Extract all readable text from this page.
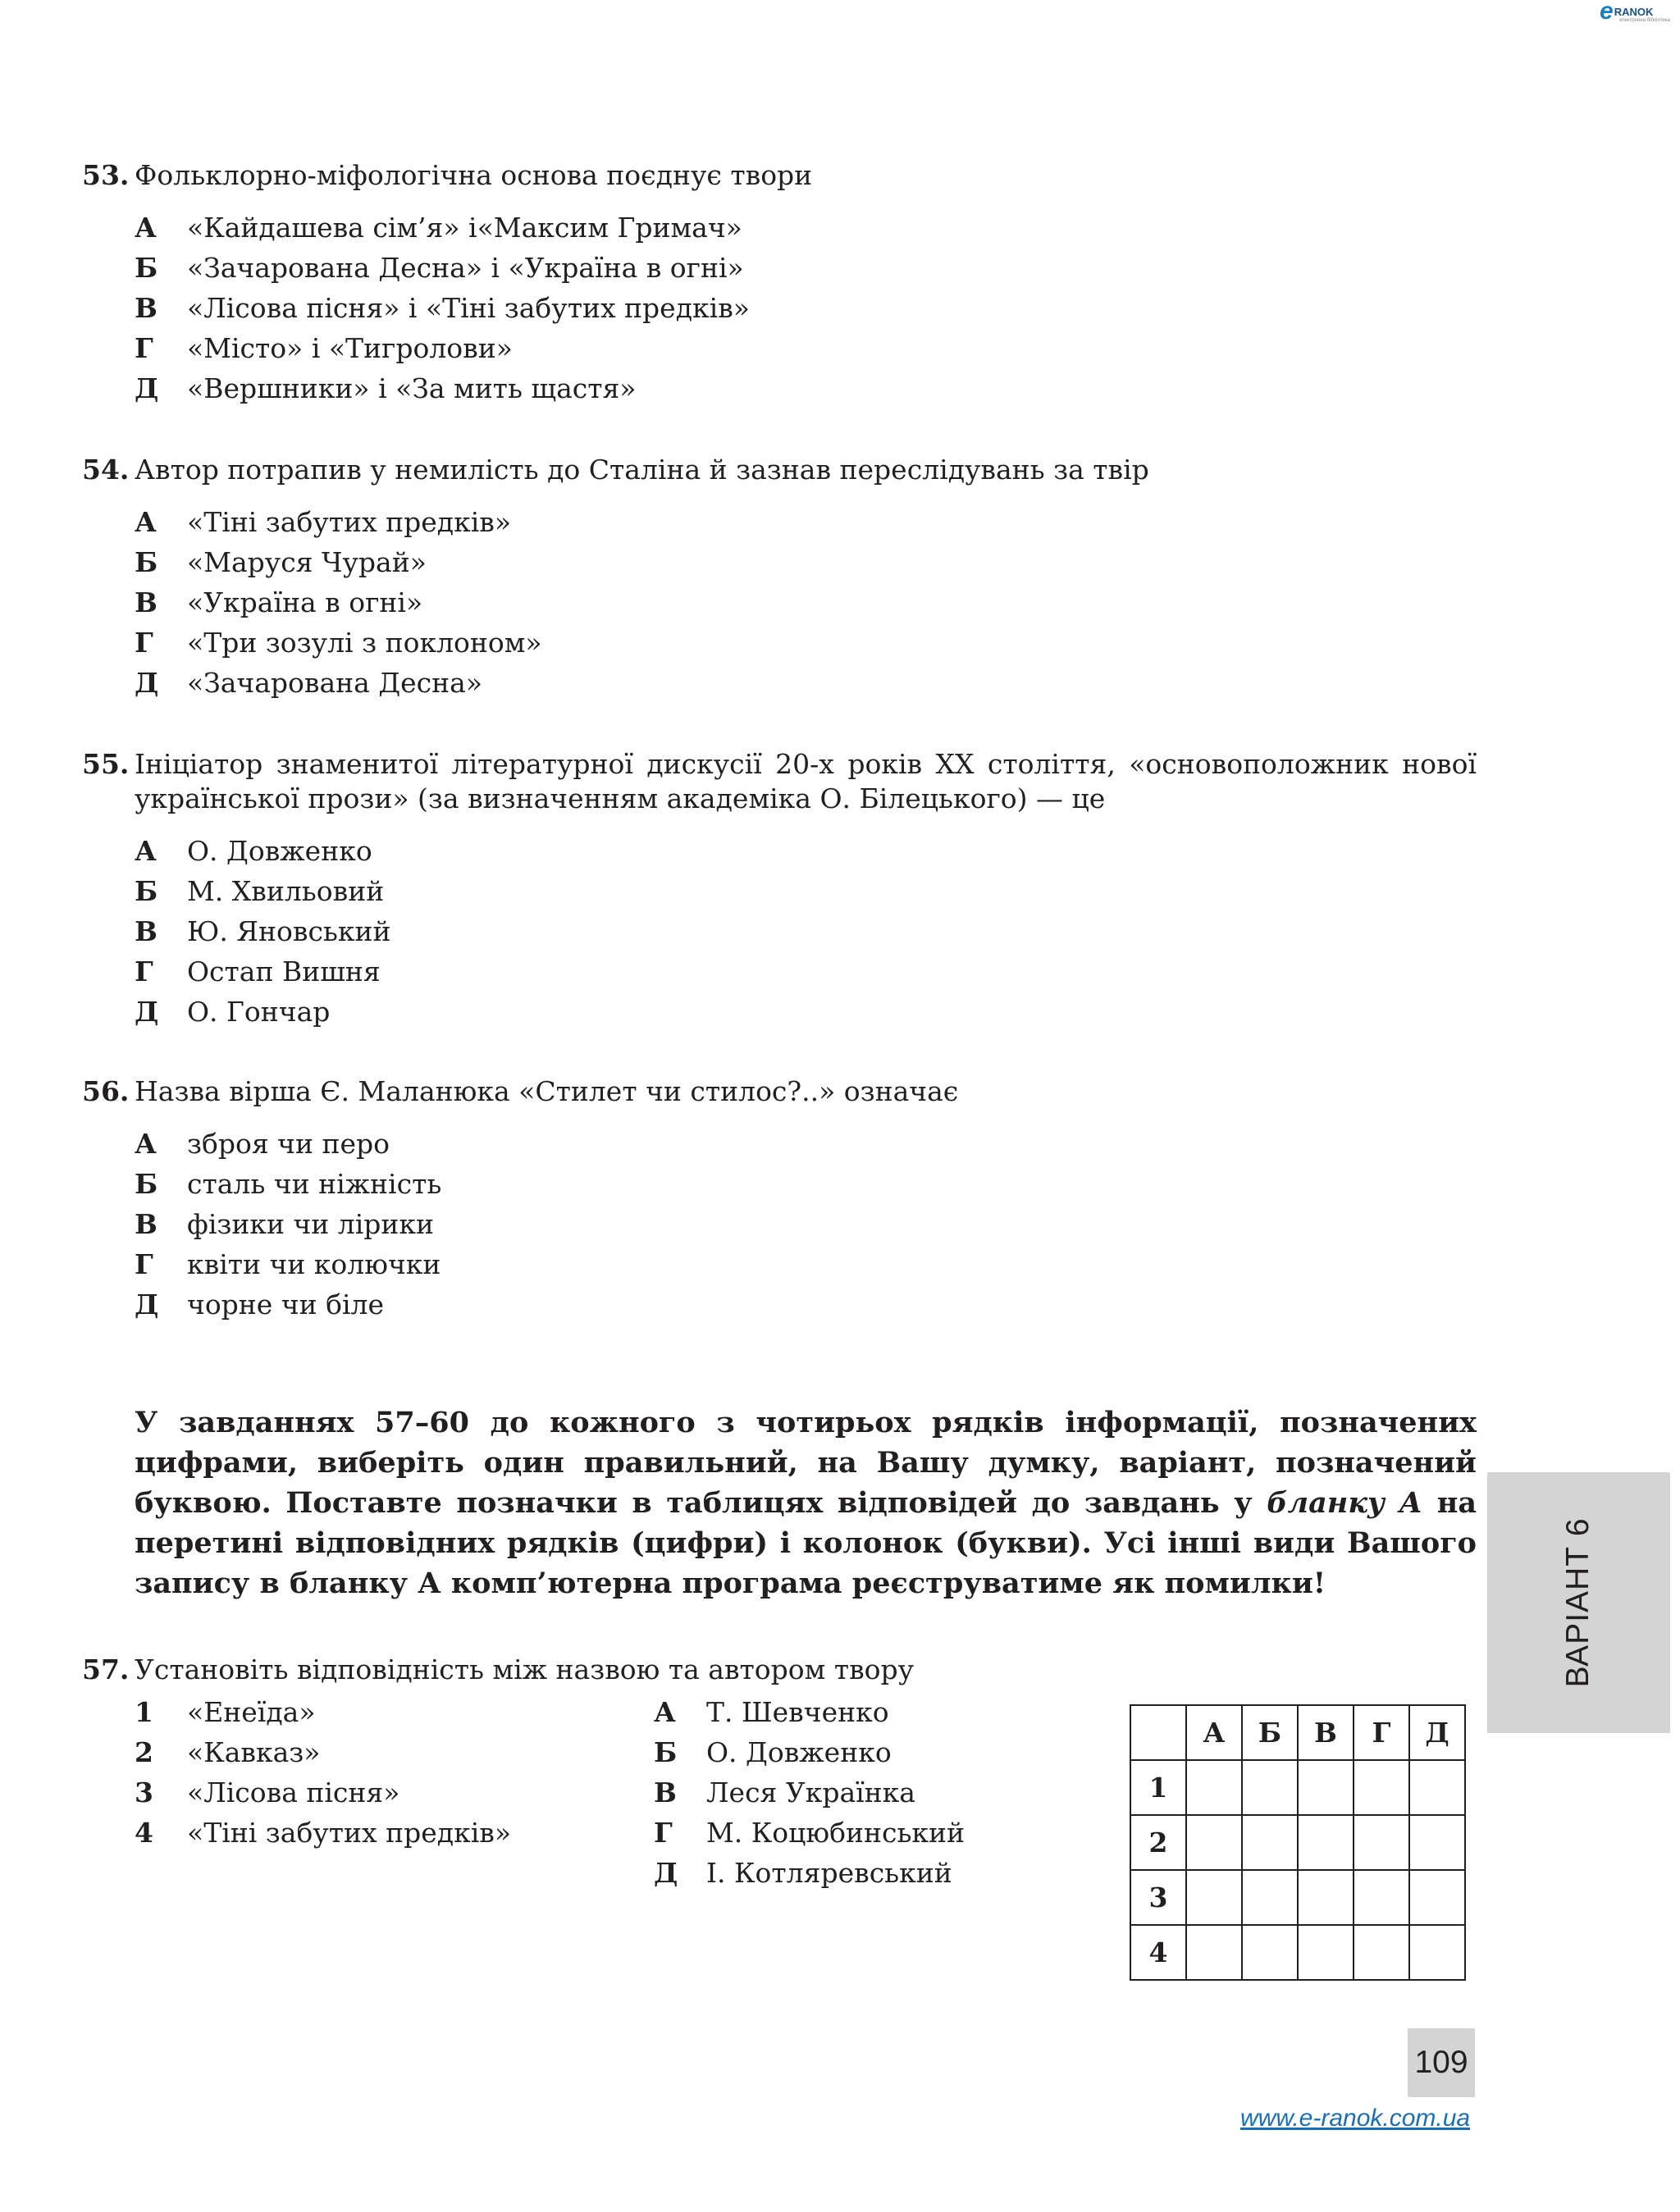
e RANOK
електронна бібліотека
53. Фольклорно-міфологічна основа поєднує твори
А	«Кайдашева сім’я» і«Максим Гримач»
Б	«Зачарована Десна» і «Україна в огні»
В	«Лісова пісня» і «Тіні забутих предків»
Г	«Місто» і «Тигролови»
Д	«Вершники» і «За мить щастя»
54. Автор потрапив у немилість до Сталіна й зазнав переслідувань за твір
А	«Тіні забутих предків»
Б	«Маруся Чурай»
В	«Україна в огні»
Г	«Три зозулі з поклоном»
Д	«Зачарована Десна»
55. Ініціатор знаменитої літературної дискусії 20-х років XX століття, «основоположник нової української прози» (за визначенням академіка О. Білецького) — це
А	О. Довженко
Б	М. Хвильовий
В	Ю. Яновський
Г	Остап Вишня
Д	О. Гончар
56. Назва вірша Є. Маланюка «Стилет чи стилос?..» означає
А	зброя чи перо
Б	сталь чи ніжність
В	фізики чи лірики
Г	квіти чи колючки
Д	чорне чи біле
У завданнях 57–60 до кожного з чотирьох рядків інформації, позначених цифрами, виберіть один правильний, на Вашу думку, варіант, позначений буквою. Поставте позначки в таблицях відповідей до завдань у бланку А на перетині відповідних рядків (цифри) і колонок (букви). Усі інші види Вашого запису в бланку А комп’ютерна програма реєструватиме як помилки!	ВАРІАНТ 6
57. Установіть відповідність між назвою та автором твору
1	«Енеїда»
2	«Кавказ»
3	«Лісова пісня»
4	«Тіні забутих предків»
А	Т. Шевченко
Б	О. Довженко
В	Леся Українка
Г	М. Коцюбинський
Д	І. Котляревський
	А	Б	В	Г	Д
1					
2					
3					
4					
109
www.e-ranok.com.ua
